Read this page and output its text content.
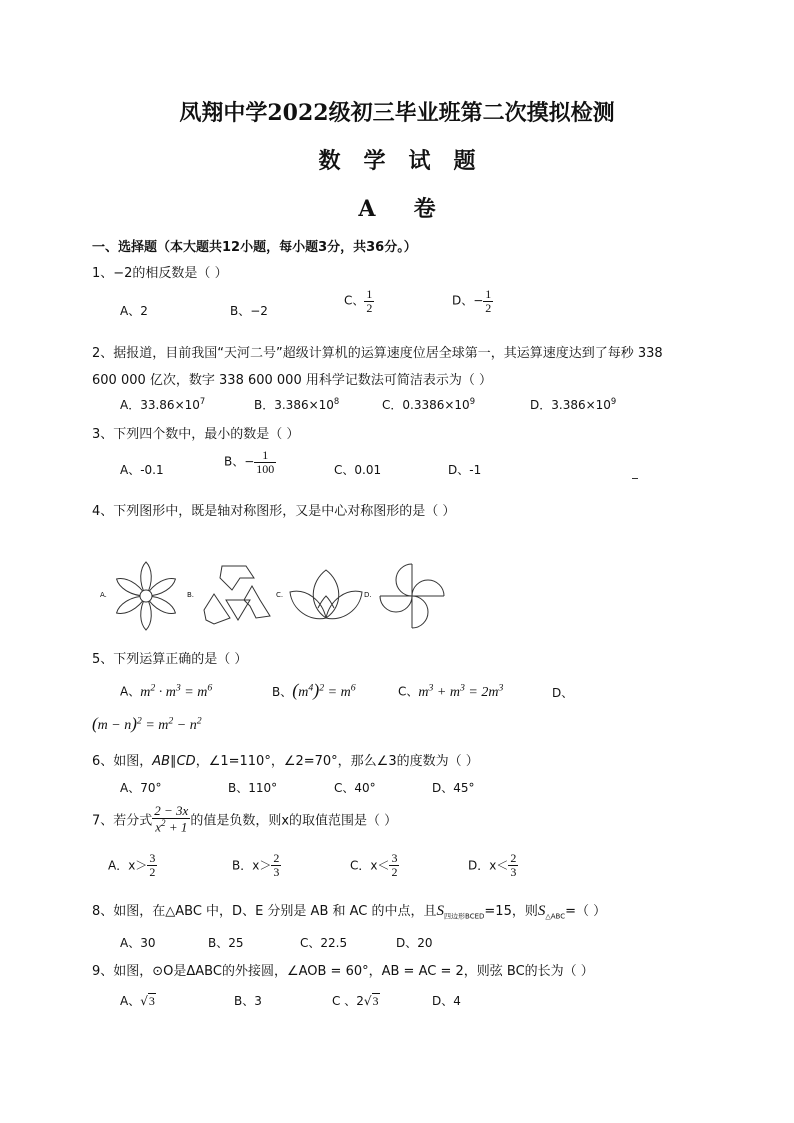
凤翔中学2022级初三毕业班第二次摸拟检测
数   学   试   题
A     卷
一、选择题（本大题共12小题，每小题3分，共36分。）
1、−2的相反数是（ ）
A、2	B、−2
C、 $\frac{1}{2}$	D、− $\frac{1}{2}$
2、据报道，目前我国“天河二号”超级计算机的运算速度位居全球第一，其运算速度达到了每秒 338
600 000 亿次，数字 338 600 000 用科学记数法可简洁表示为（ ）
A．$33.86\times 10^7$	B．$3.386\times 10^8$	C．$0.3386\times 10^9$	D．$3.386\times 10^9$
3、下列四个数中，最小的数是（ ）
A、-0.1
B、− $\frac{1}{100}$	C、0.01	D、-1
4、下列图形中，既是轴对称图形，又是中心对称图形的是（ ）
A.	B.	C.	D.
5、下列运算正确的是（ ）
A、$m^2 \cdot m^3 = m^6$	B、$(m^4)^2 = m^6$	C、$m^3 + m^3 = 2m^3$	D、
$(m - n)^2 = m^2 - n^2$
6、如图，AB∥CD，∠1=110°，∠2=70°，那么∠3的度数为（ ）
A、70°	B、110°	C、40°	D、45°
7、若分式 $\frac{2 - 3x}{x^2 + 1}$ 的值是负数，则x的取值范围是（ ）
A．$x> \frac{3}{2}$	B．$x> \frac{2}{3}$	C．$x< \frac{3}{2}$	D．$x< \frac{2}{3}$
8、如图，在△ABC 中，D、E 分别是 AB 和 AC 的中点，且$S_{四边形BCED}=15$，则$S_{\triangle ABC}=$（ ）
A、30	B、25	C、22.5	D、20
9、如图，⊙O是ΔABC的外接圆，∠AOB = 60°，AB = AC = 2，则弦 BC的长为（ ）
A、√3	B、3	C 、2√3	D、4
